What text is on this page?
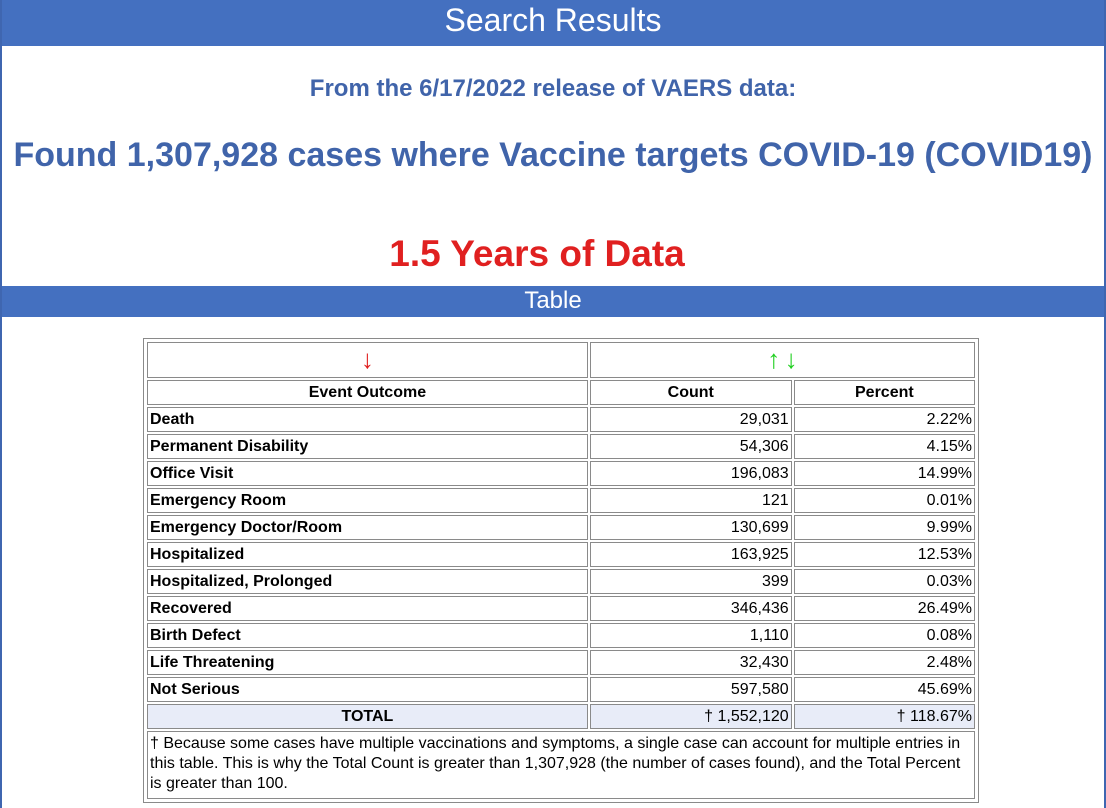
Search Results
From the 6/17/2022 release of VAERS data:
Found 1,307,928 cases where Vaccine targets COVID-19 (COVID19)
1.5 Years of Data
Table
↓	↑ ↓	
Event Outcome	Count	Percent
Death	29,031	2.22%
Permanent Disability	54,306	4.15%
Office Visit	196,083	14.99%
Emergency Room	121	0.01%
Emergency Doctor/Room	130,699	9.99%
Hospitalized	163,925	12.53%
Hospitalized, Prolonged	399	0.03%
Recovered	346,436	26.49%
Birth Defect	1,110	0.08%
Life Threatening	32,430	2.48%
Not Serious	597,580	45.69%
TOTAL	† 1,552,120	† 118.67%
† Because some cases have multiple vaccinations and symptoms, a single case can account for multiple entries in this table. This is why the Total Count is greater than 1,307,928 (the number of cases found), and the Total Percent is greater than 100.		
